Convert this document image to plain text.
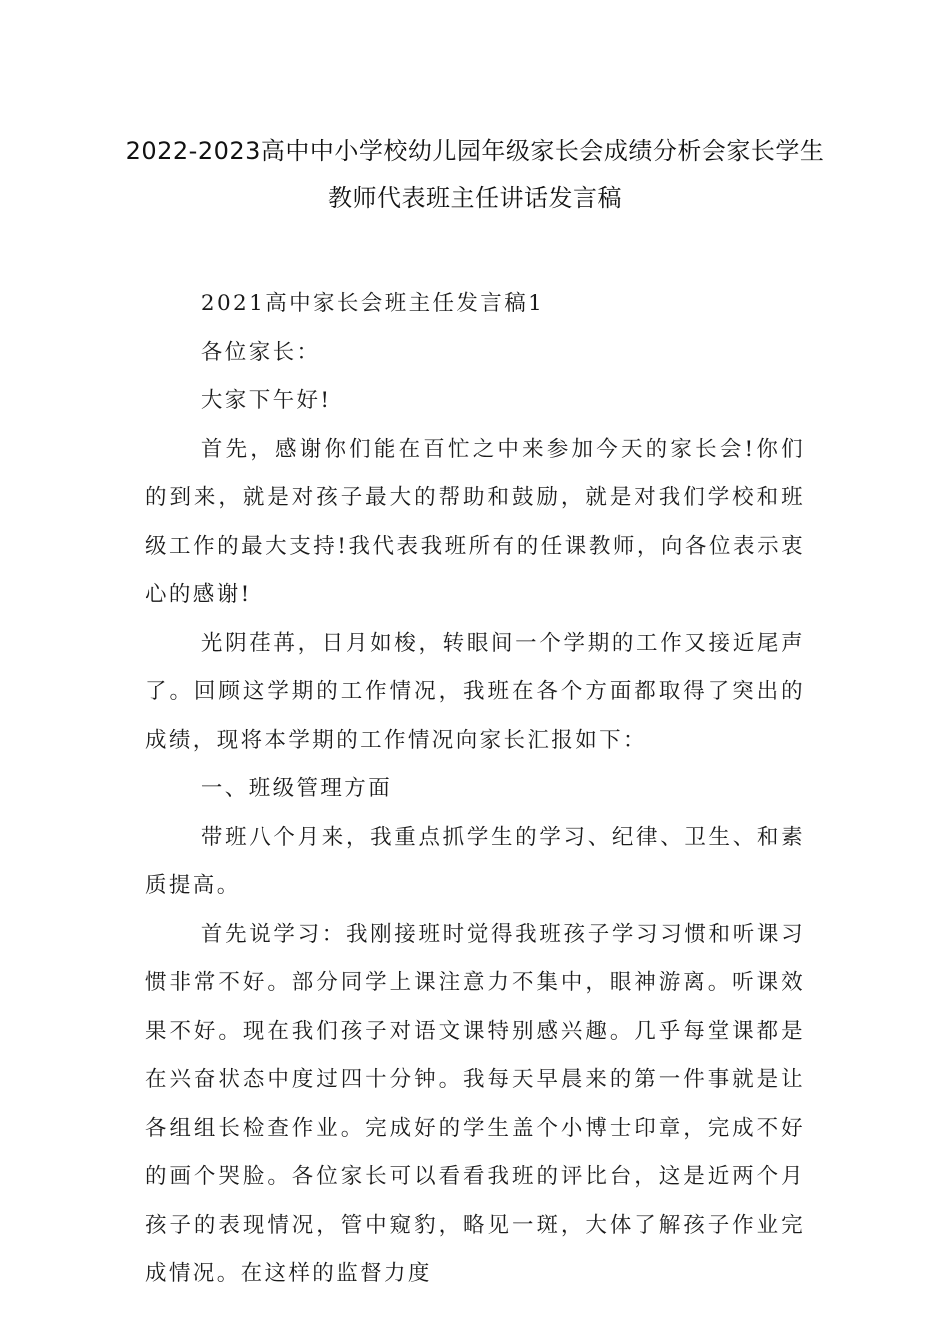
2022-2023高中中小学校幼儿园年级家长会成绩分析会家长学生教师代表班主任讲话发言稿

2021高中家长会班主任发言稿1

各位家长：

大家下午好!

首先，感谢你们能在百忙之中来参加今天的家长会!你们的到来，就是对孩子最大的帮助和鼓励，就是对我们学校和班级工作的最大支持!我代表我班所有的任课教师，向各位表示衷心的感谢!

光阴荏苒，日月如梭，转眼间一个学期的工作又接近尾声了。回顾这学期的工作情况，我班在各个方面都取得了突出的成绩，现将本学期的工作情况向家长汇报如下：

一、班级管理方面

带班八个月来，我重点抓学生的学习、纪律、卫生、和素质提高。

首先说学习：我刚接班时觉得我班孩子学习习惯和听课习惯非常不好。部分同学上课注意力不集中，眼神游离。听课效果不好。现在我们孩子对语文课特别感兴趣。几乎每堂课都是在兴奋状态中度过四十分钟。我每天早晨来的第一件事就是让各组组长检查作业。完成好的学生盖个小博士印章，完成不好的画个哭脸。各位家长可以看看我班的评比台，这是近两个月孩子的表现情况，管中窥豹，略见一斑，大体了解孩子作业完成情况。在这样的监督力度
